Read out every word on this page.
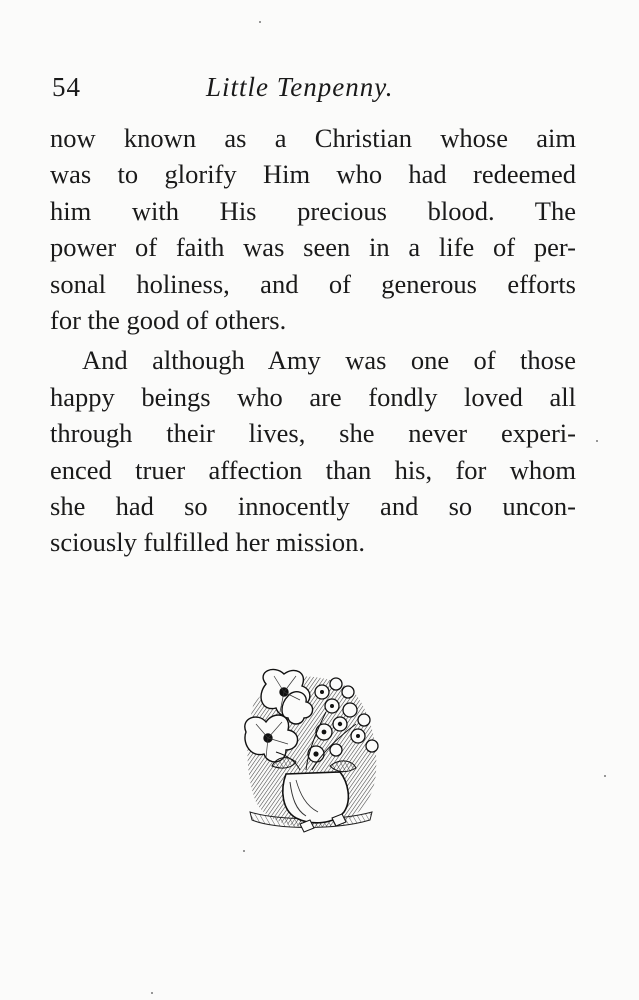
54	Little Tenpenny.
now known as a Christian whose aim
was to glorify Him who had redeemed
him with His precious blood. The
power of faith was seen in a life of per-
sonal holiness, and of generous efforts
for the good of others.
And although Amy was one of those
happy beings who are fondly loved all
through their lives, she never experi-
enced truer affection than his, for whom
she had so innocently and so uncon-
sciously fulfilled her mission.
